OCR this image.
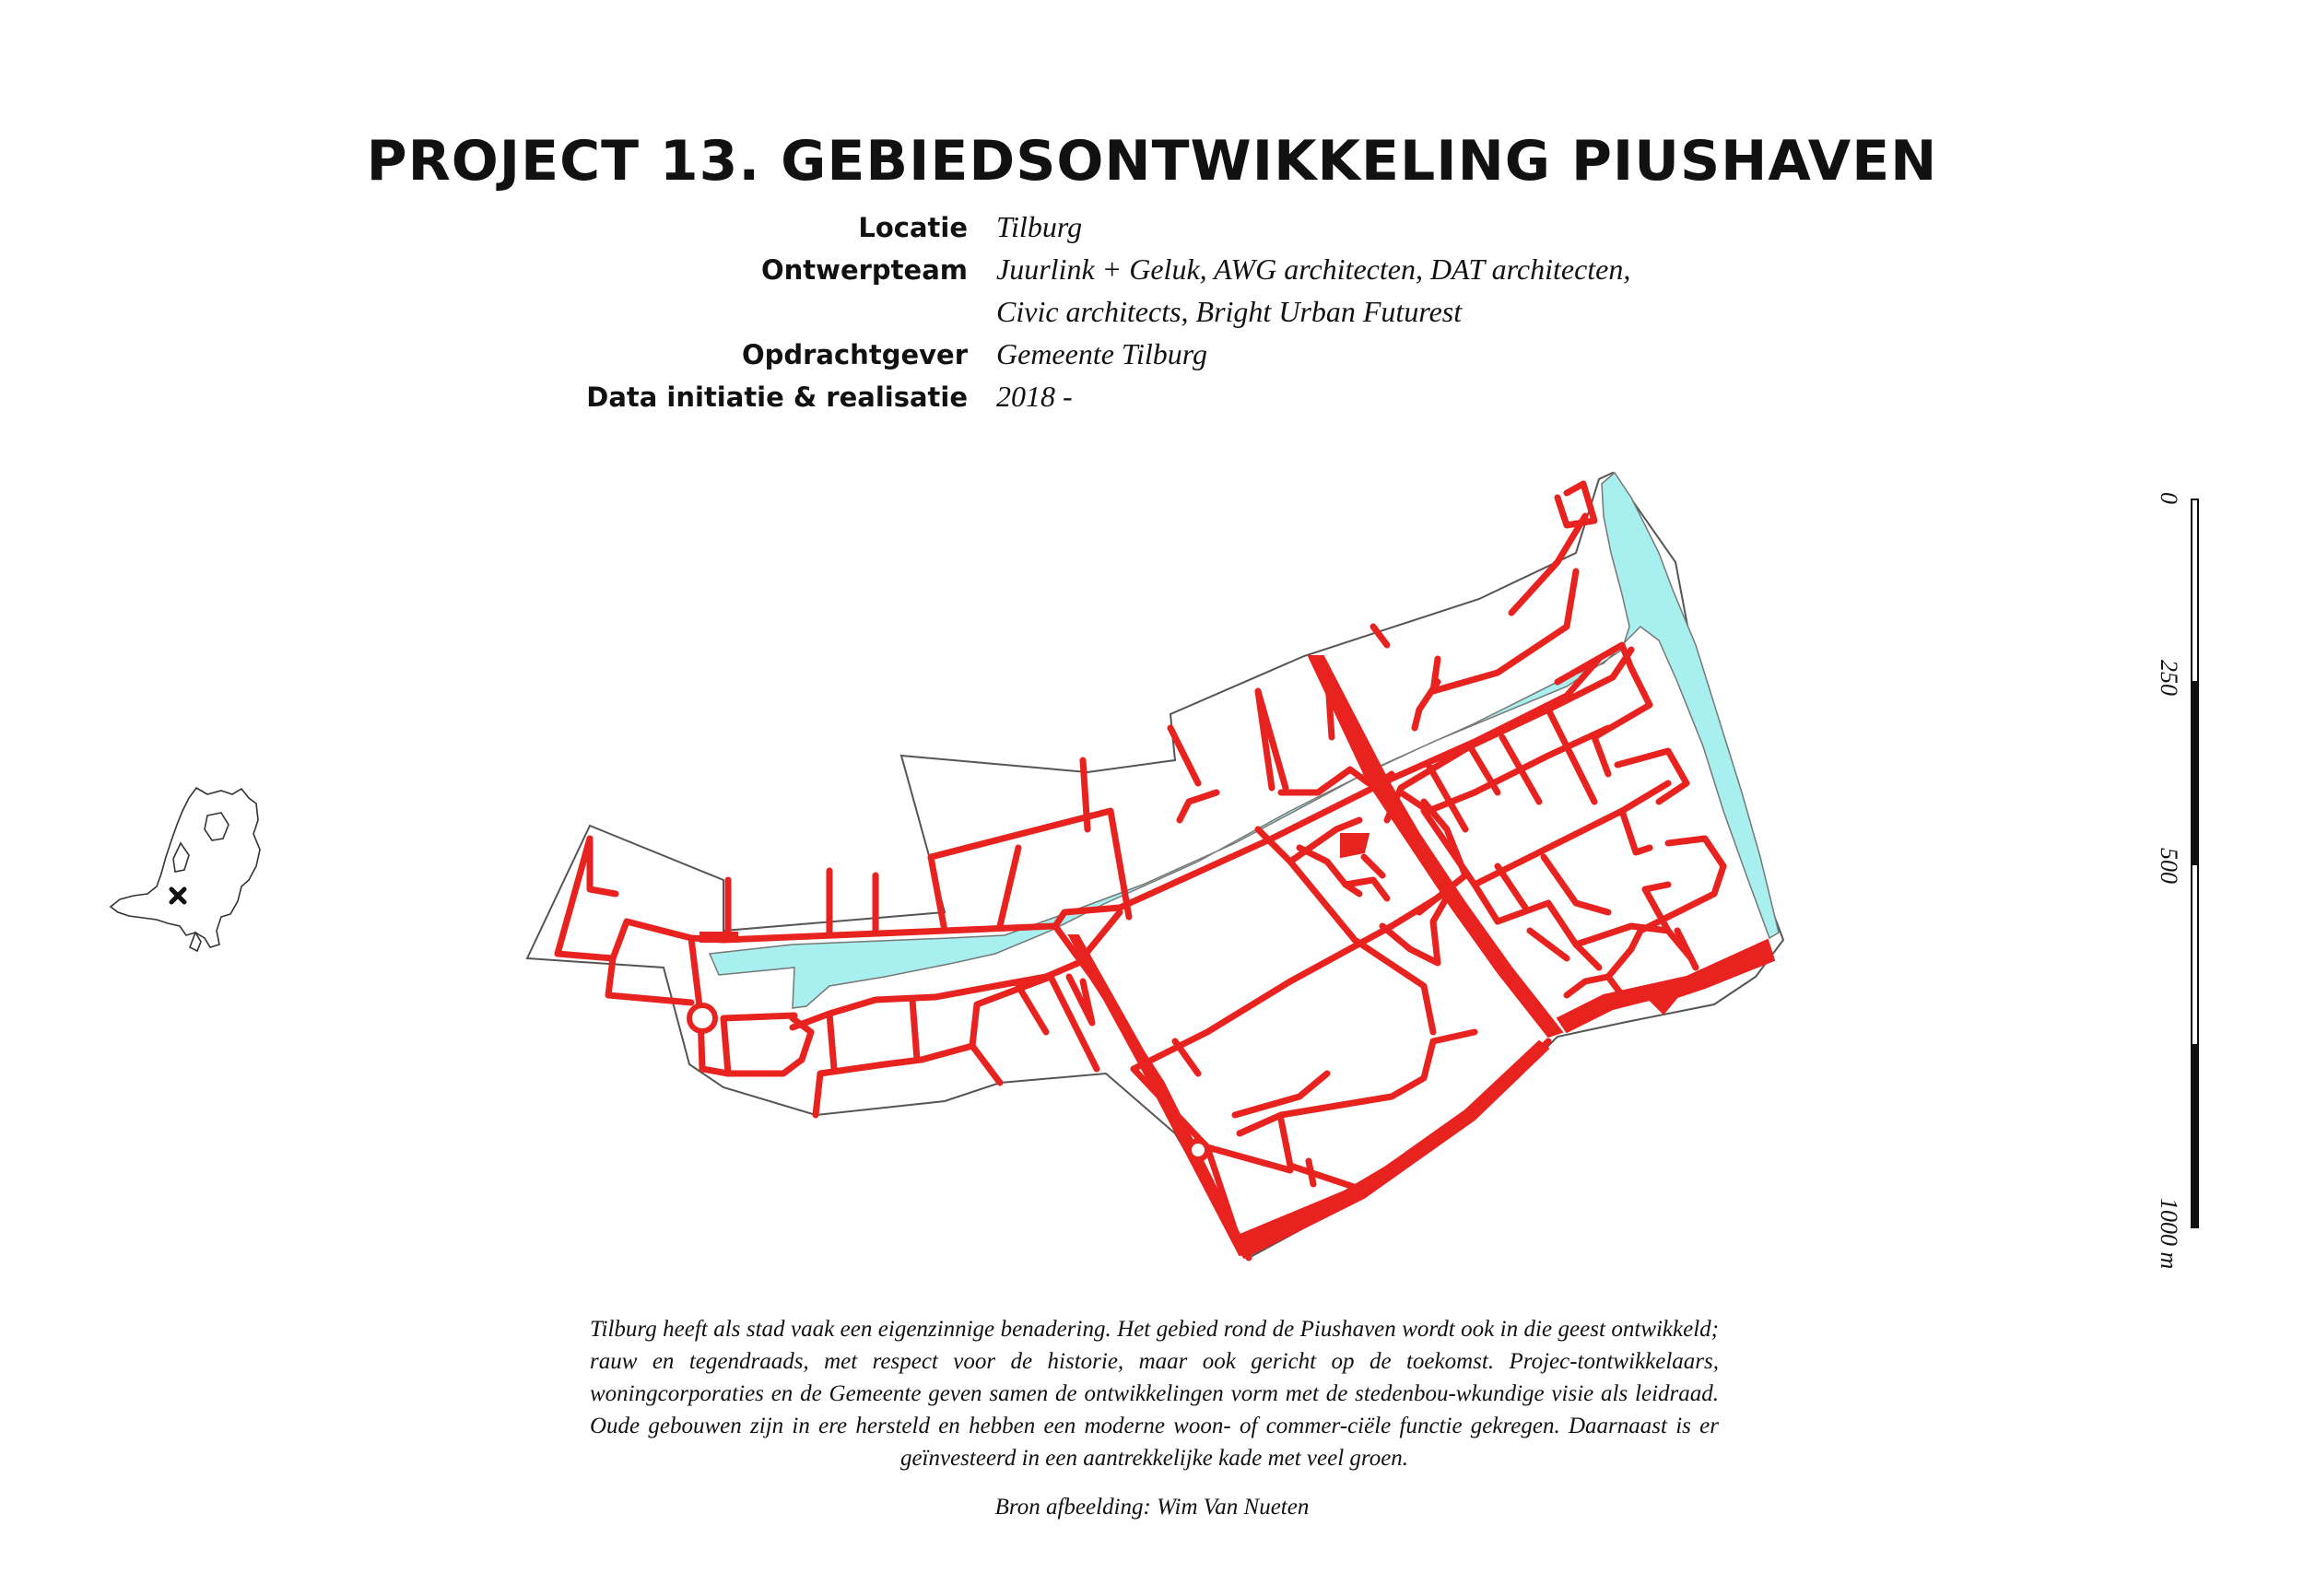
PROJECT 13. GEBIEDSONTWIKKELING PIUSHAVEN
Locatie Tilburg
Ontwerpteam Juurlink + Geluk, AWG architecten, DAT architecten,
Civic architects, Bright Urban Futurest
Opdrachtgever Gemeente Tilburg
Data initiatie & realisatie 2018 -
0
250
500
1000 m
Tilburg heeft als stad vaak een eigenzinnige benadering. Het gebied rond de Piushaven wordt ook in die geest ontwikkeld; rauw en tegendraads, met respect voor de historie, maar ook gericht op de toekomst. Projec-tontwikkelaars, woningcorporaties en de Gemeente geven samen de ontwikkelingen vorm met de stedenbou-wkundige visie als leidraad. Oude gebouwen zijn in ere hersteld en hebben een moderne woon- of commer-ciële functie gekregen. Daarnaast is er geïnvesteerd in een aantrekkelijke kade met veel groen.
Bron afbeelding: Wim Van Nueten
